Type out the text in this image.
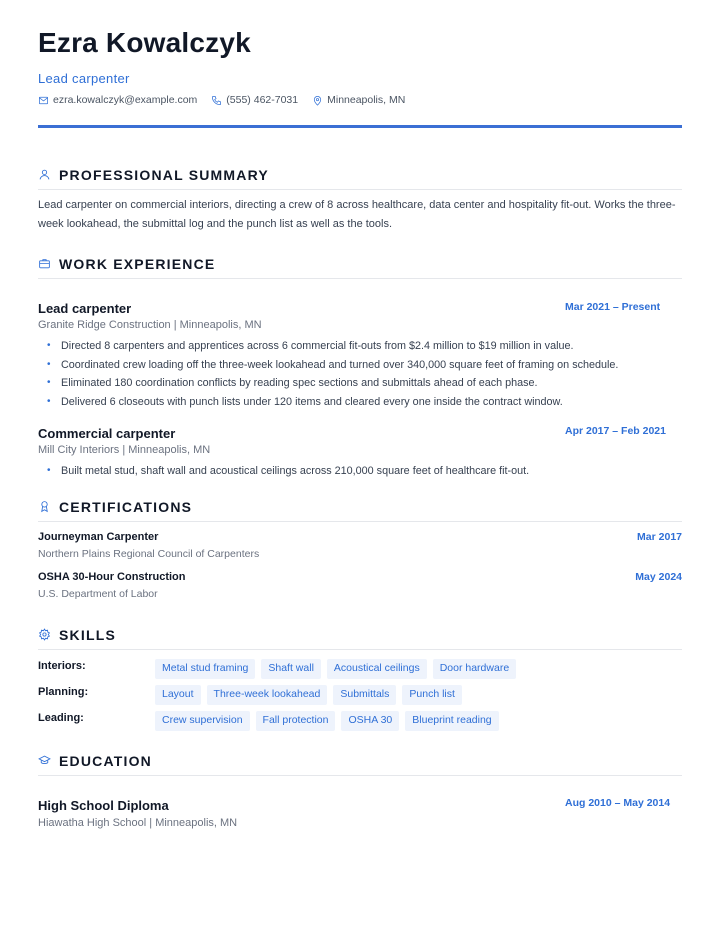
Ezra Kowalczyk
Lead carpenter
ezra.kowalczyk@example.com	(555) 462-7031	Minneapolis, MN
PROFESSIONAL SUMMARY
Lead carpenter on commercial interiors, directing a crew of 8 across healthcare, data center and hospitality fit-out. Works the three-week lookahead, the submittal log and the punch list as well as the tools.
WORK EXPERIENCE
Lead carpenter	Mar 2021 – Present
Granite Ridge Construction | Minneapolis, MN
• Directed 8 carpenters and apprentices across 6 commercial fit-outs from $2.4 million to $19 million in value.
• Coordinated crew loading off the three-week lookahead and turned over 340,000 square feet of framing on schedule.
• Eliminated 180 coordination conflicts by reading spec sections and submittals ahead of each phase.
• Delivered 6 closeouts with punch lists under 120 items and cleared every one inside the contract window.
Commercial carpenter	Apr 2017 – Feb 2021
Mill City Interiors | Minneapolis, MN
• Built metal stud, shaft wall and acoustical ceilings across 210,000 square feet of healthcare fit-out.
CERTIFICATIONS
Journeyman Carpenter	Mar 2017
Northern Plains Regional Council of Carpenters
OSHA 30-Hour Construction	May 2024
U.S. Department of Labor
SKILLS
Interiors:	Metal stud framing	Shaft wall	Acoustical ceilings	Door hardware
Planning:	Layout	Three-week lookahead	Submittals	Punch list
Leading:	Crew supervision	Fall protection	OSHA 30	Blueprint reading
EDUCATION
High School Diploma	Aug 2010 – May 2014
Hiawatha High School | Minneapolis, MN
